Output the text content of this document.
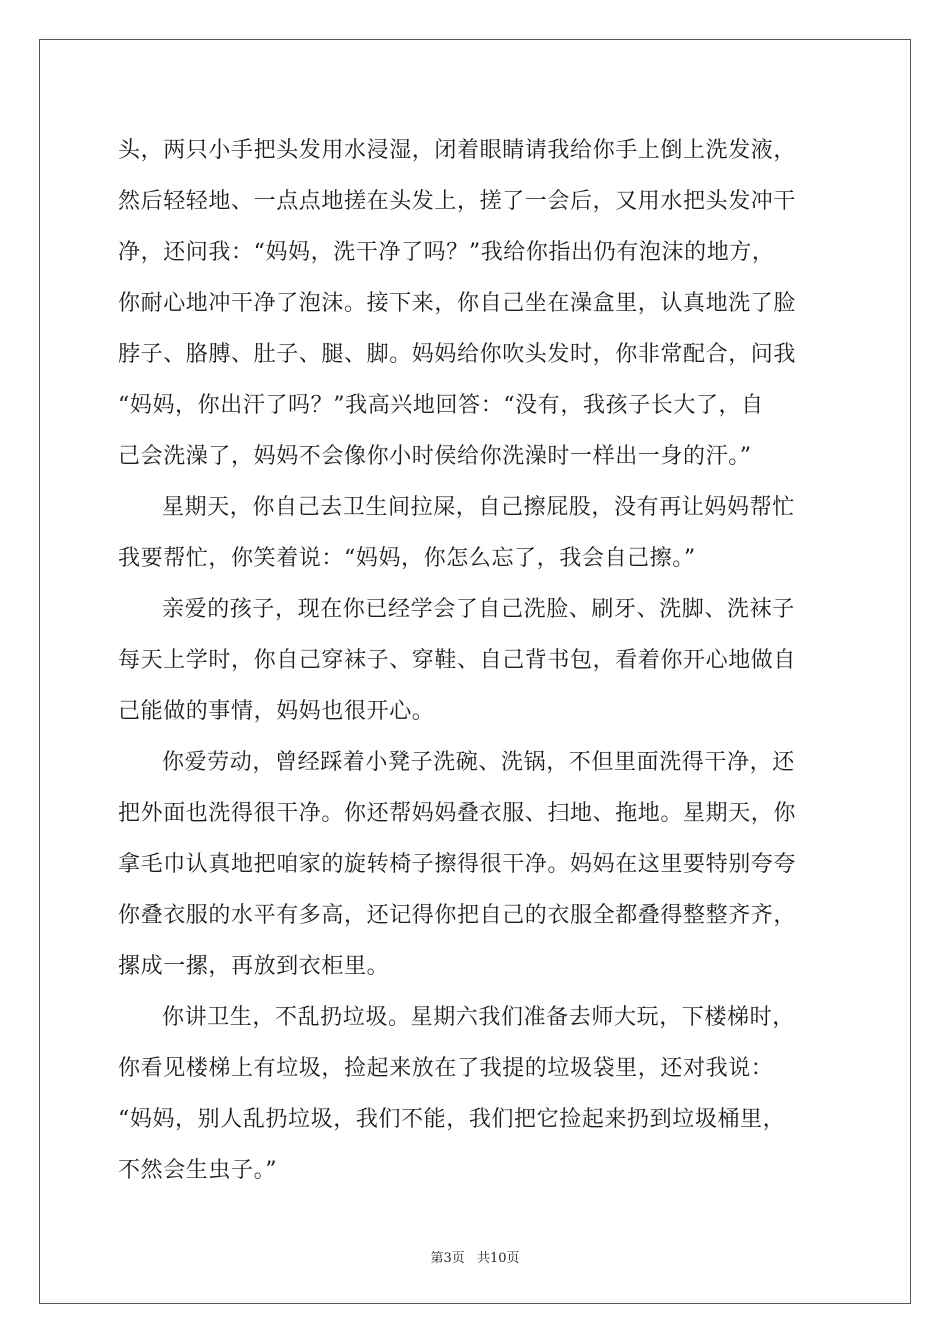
头，两只小手把头发用水浸湿，闭着眼睛请我给你手上倒上洗发液，
然后轻轻地、一点点地搓在头发上，搓了一会后，又用水把头发冲干
净，还问我：“妈妈，洗干净了吗？”我给你指出仍有泡沫的地方，
你耐心地冲干净了泡沫。接下来，你自己坐在澡盒里，认真地洗了脸
脖子、胳膊、肚子、腿、脚。妈妈给你吹头发时，你非常配合，问我
“妈妈，你出汗了吗？”我高兴地回答：“没有，我孩子长大了，自
己会洗澡了，妈妈不会像你小时侯给你洗澡时一样出一身的汗。”
星期天，你自己去卫生间拉屎，自己擦屁股，没有再让妈妈帮忙
我要帮忙，你笑着说：“妈妈，你怎么忘了，我会自己擦。”
亲爱的孩子，现在你已经学会了自己洗脸、刷牙、洗脚、洗袜子
每天上学时，你自己穿袜子、穿鞋、自己背书包，看着你开心地做自
己能做的事情，妈妈也很开心。
你爱劳动，曾经踩着小凳子洗碗、洗锅，不但里面洗得干净，还
把外面也洗得很干净。你还帮妈妈叠衣服、扫地、拖地。星期天，你
拿毛巾认真地把咱家的旋转椅子擦得很干净。妈妈在这里要特别夸夸
你叠衣服的水平有多高，还记得你把自己的衣服全都叠得整整齐齐，
摞成一摞，再放到衣柜里。
你讲卫生，不乱扔垃圾。星期六我们准备去师大玩，下楼梯时，
你看见楼梯上有垃圾，捡起来放在了我提的垃圾袋里，还对我说：
“妈妈，别人乱扔垃圾，我们不能，我们把它捡起来扔到垃圾桶里，
不然会生虫子。”
第3页 共10页
